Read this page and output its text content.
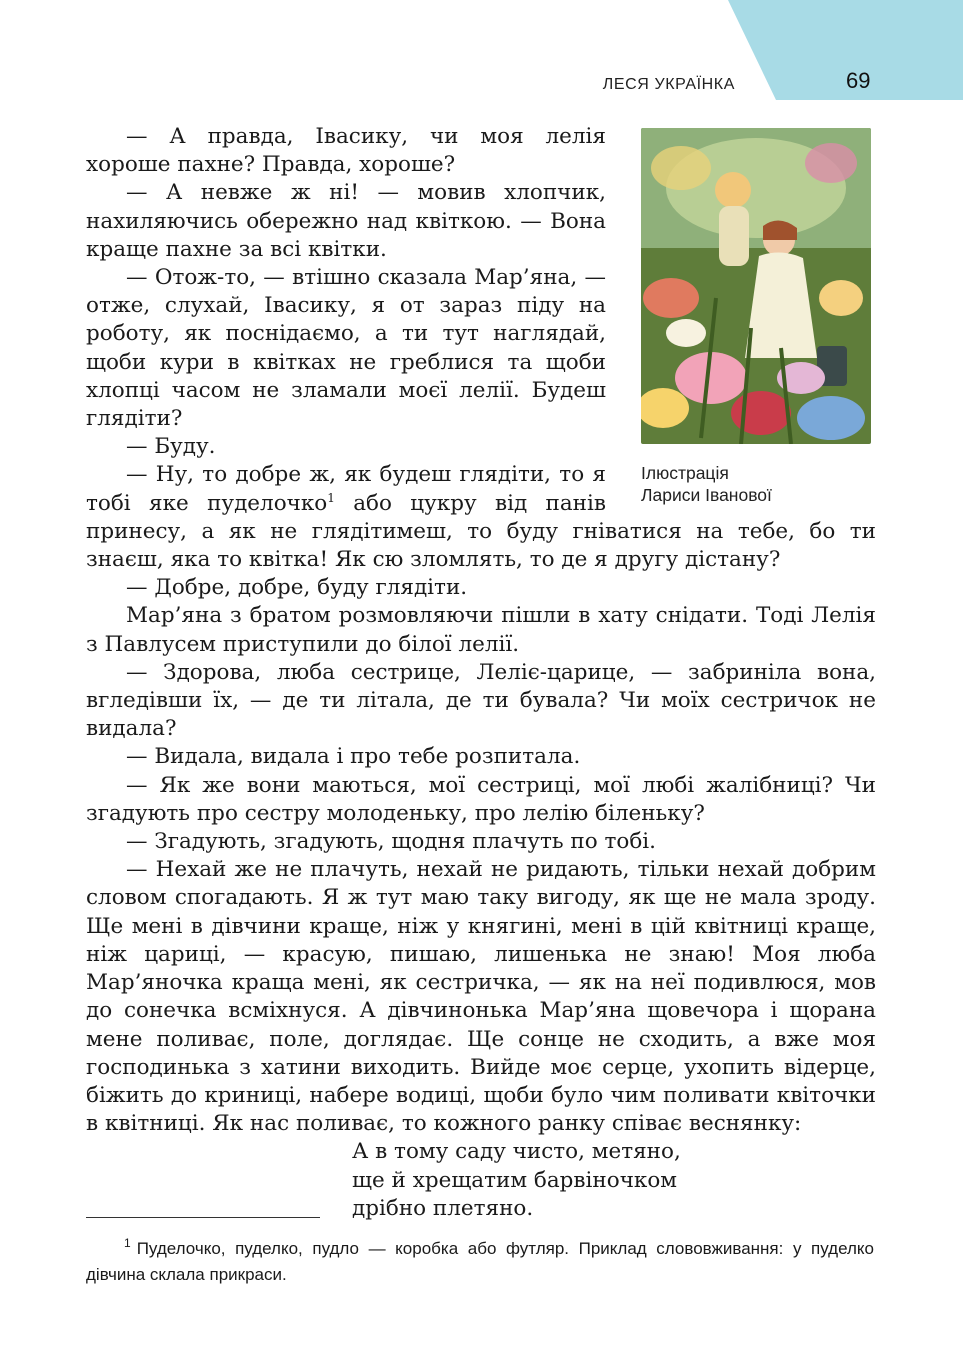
ЛЕСЯ УКРАЇНКА	69

— А правда, Івасику, чи моя лелія хороше пахне? Правда, хороше?

— А невже ж ні! — мовив хлопчик, нахиляючись обережно над квіткою. — Вона краще пахне за всі квітки.

— Отож-то, — втішно сказала Мар’яна, — отже, слухай, Івасику, я от зараз піду на роботу, як поснідаємо, а ти тут наглядай, щоби кури в квітках не греблися та щоби хлопці часом не зламали моєї лелії. Будеш глядіти?

— Буду.

— Ну, то добре ж, як будеш глядіти, то я тобі яке пуделочко$^1$ або цукру від панів принесу, а як не глядітимеш, то буду гніватися на тебе, бо ти знаєш, яка то квітка! Як сю зломлять, то де я другу дістану?

— Добре, добре, буду глядіти.

Мар’яна з братом розмовляючи пішли в хату снідати. Тоді Лелія з Павлусем приступили до білої лелії.

— Здорова, люба сестрице, Леліє-царице, — забриніла вона, вгледівши їх, — де ти літала, де ти бувала? Чи моїх сестричок не видала?

— Видала, видала і про тебе розпитала.

— Як же вони маються, мої сестриці, мої любі жалібниці? Чи згадують про сестру молоденьку, про лелію біленьку?

— Згадують, згадують, щодня плачуть по тобі.

— Нехай же не плачуть, нехай не ридають, тільки нехай добрим словом спогадають. Я ж тут маю таку вигоду, як ще не мала зроду. Ще мені в дівчини краще, ніж у княгині, мені в цій квітниці краще, ніж цариці, — красую, пишаю, лишенька не знаю! Моя люба Мар’яночка краща мені, як сестричка, — як на неї подивлюся, мов до сонечка всміхнуся. А дівчинонька Мар’яна щовечора і щорана мене поливає, поле, доглядає. Ще сонце не сходить, а вже моя господинька з хатини виходить. Вийде моє серце, ухопить відерце, біжить до криниці, набере водиці, щоби було чим поливати квіточки в квітниці. Як нас поливає, то кожного ранку співає веснянку:

А в тому саду чисто, метяно,
ще й хрещатим барвіночком
дрібно плетяно.
Ілюстрація
Лариси Іванової
$^1$ Пуделочко, пуделко, пудло — коробка або футляр. Приклад слововживання: у пуделко дівчина склала прикраси.
